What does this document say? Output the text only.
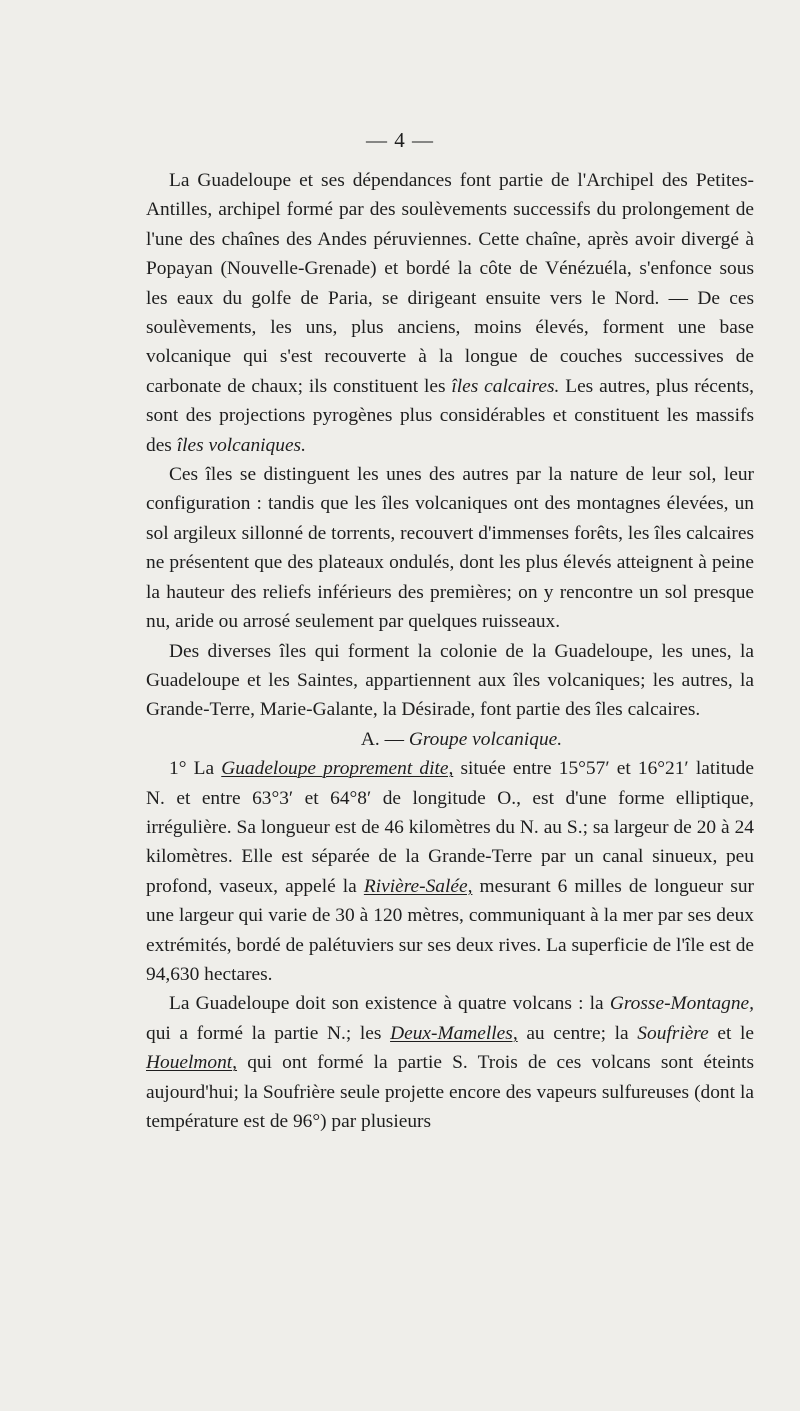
— 4 —

La Guadeloupe et ses dépendances font partie de l'Archipel des Petites-Antilles, archipel formé par des soulèvements successifs du prolongement de l'une des chaînes des Andes péruviennes. Cette chaîne, après avoir divergé à Popayan (Nouvelle-Grenade) et bordé la côte de Vénézuéla, s'enfonce sous les eaux du golfe de Paria, se dirigeant ensuite vers le Nord. — De ces soulèvements, les uns, plus anciens, moins élevés, forment une base volcanique qui s'est recouverte à la longue de couches successives de carbonate de chaux; ils constituent les îles calcaires. Les autres, plus récents, sont des projections pyrogènes plus considérables et constituent les massifs des îles volcaniques.

Ces îles se distinguent les unes des autres par la nature de leur sol, leur configuration : tandis que les îles volcaniques ont des montagnes élevées, un sol argileux sillonné de torrents, recouvert d'immenses forêts, les îles calcaires ne présentent que des plateaux ondulés, dont les plus élevés atteignent à peine la hauteur des reliefs inférieurs des premières; on y rencontre un sol presque nu, aride ou arrosé seulement par quelques ruisseaux.

Des diverses îles qui forment la colonie de la Guadeloupe, les unes, la Guadeloupe et les Saintes, appartiennent aux îles volcaniques; les autres, la Grande-Terre, Marie-Galante, la Désirade, font partie des îles calcaires.

A. — Groupe volcanique.

1° La Guadeloupe proprement dite, située entre 15°57′ et 16°21′ latitude N. et entre 63°3′ et 64°8′ de longitude O., est d'une forme elliptique, irrégulière. Sa longueur est de 46 kilomètres du N. au S.; sa largeur de 20 à 24 kilomètres. Elle est séparée de la Grande-Terre par un canal sinueux, peu profond, vaseux, appelé la Rivière-Salée, mesurant 6 milles de longueur sur une largeur qui varie de 30 à 120 mètres, communiquant à la mer par ses deux extrémités, bordé de palétuviers sur ses deux rives. La superficie de l'île est de 94,630 hectares.

La Guadeloupe doit son existence à quatre volcans : la Grosse-Montagne, qui a formé la partie N.; les Deux-Mamelles, au centre; la Soufrière et le Houelmont, qui ont formé la partie S. Trois de ces volcans sont éteints aujourd'hui; la Soufrière seule projette encore des vapeurs sulfureuses (dont la température est de 96°) par plusieurs
